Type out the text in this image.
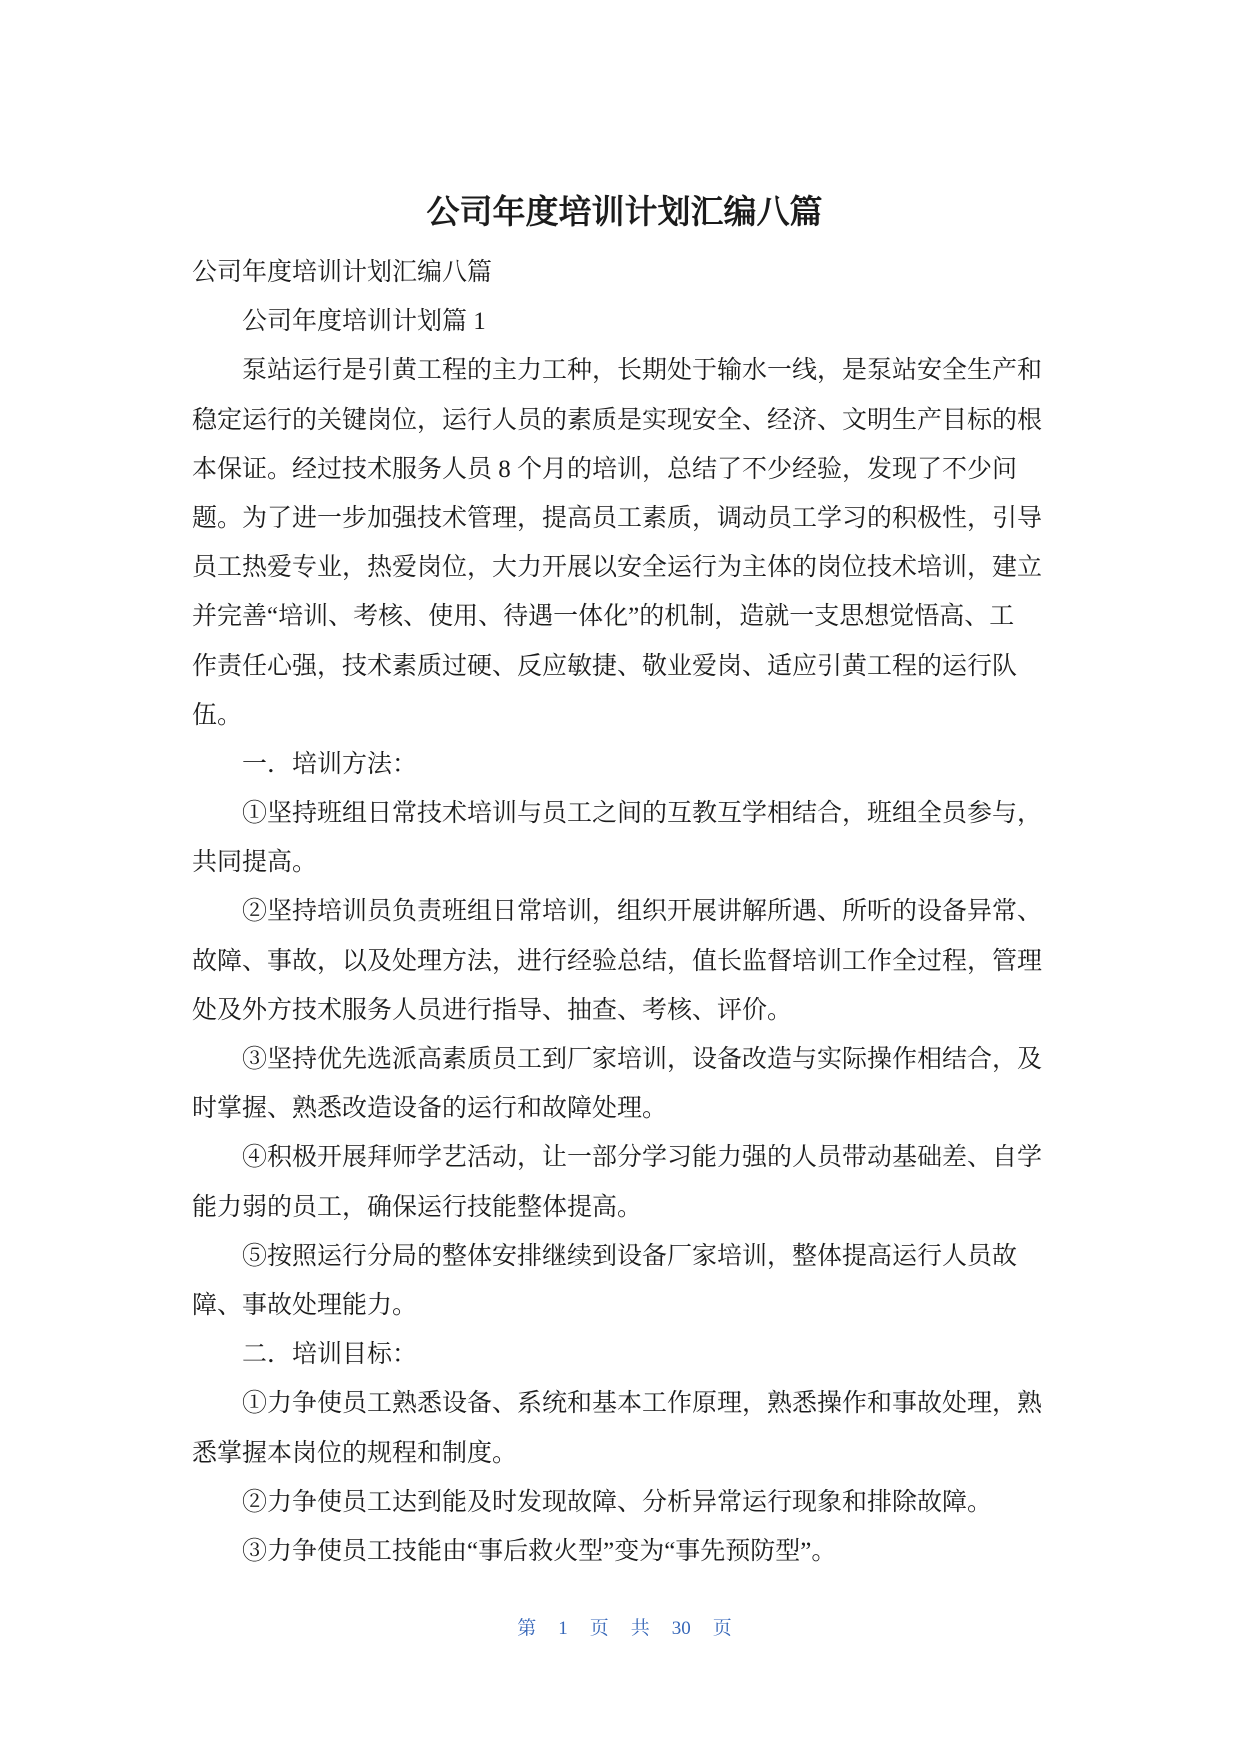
公司年度培训计划汇编八篇
公司年度培训计划汇编八篇
公司年度培训计划篇 1
泵站运行是引黄工程的主力工种，长期处于输水一线，是泵站安全生产和
稳定运行的关键岗位，运行人员的素质是实现安全、经济、文明生产目标的根
本保证。经过技术服务人员 8 个月的培训，总结了不少经验，发现了不少问
题。为了进一步加强技术管理，提高员工素质，调动员工学习的积极性，引导
员工热爱专业，热爱岗位，大力开展以安全运行为主体的岗位技术培训，建立
并完善“培训、考核、使用、待遇一体化”的机制，造就一支思想觉悟高、工
作责任心强，技术素质过硬、反应敏捷、敬业爱岗、适应引黄工程的运行队
伍。
一．培训方法：
①坚持班组日常技术培训与员工之间的互教互学相结合，班组全员参与，
共同提高。
②坚持培训员负责班组日常培训，组织开展讲解所遇、所听的设备异常、
故障、事故，以及处理方法，进行经验总结，值长监督培训工作全过程，管理
处及外方技术服务人员进行指导、抽查、考核、评价。
③坚持优先选派高素质员工到厂家培训，设备改造与实际操作相结合，及
时掌握、熟悉改造设备的运行和故障处理。
④积极开展拜师学艺活动，让一部分学习能力强的人员带动基础差、自学
能力弱的员工，确保运行技能整体提高。
⑤按照运行分局的整体安排继续到设备厂家培训，整体提高运行人员故
障、事故处理能力。
二．培训目标：
①力争使员工熟悉设备、系统和基本工作原理，熟悉操作和事故处理，熟
悉掌握本岗位的规程和制度。
②力争使员工达到能及时发现故障、分析异常运行现象和排除故障。
③力争使员工技能由“事后救火型”变为“事先预防型”。
第 1 页 共 30 页
